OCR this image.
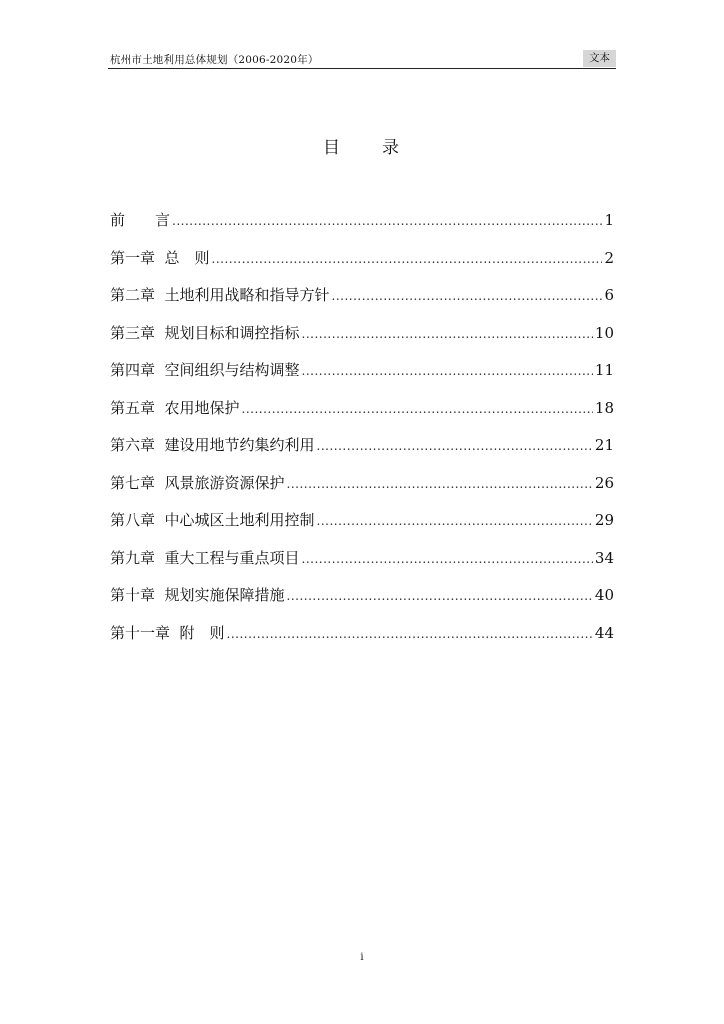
杭州市土地利用总体规划（2006-2020年）	文本
目 录
前　　言 .....	1
第一章  总　则 .....	2
第二章  土地利用战略和指导方针 .....	6
第三章  规划目标和调控指标 .....	10
第四章  空间组织与结构调整 .....	11
第五章  农用地保护 .....	18
第六章  建设用地节约集约利用 .....	21
第七章  风景旅游资源保护 .....	26
第八章  中心城区土地利用控制 .....	29
第九章  重大工程与重点项目 .....	34
第十章  规划实施保障措施 .....	40
第十一章  附　则 .....	44
i
